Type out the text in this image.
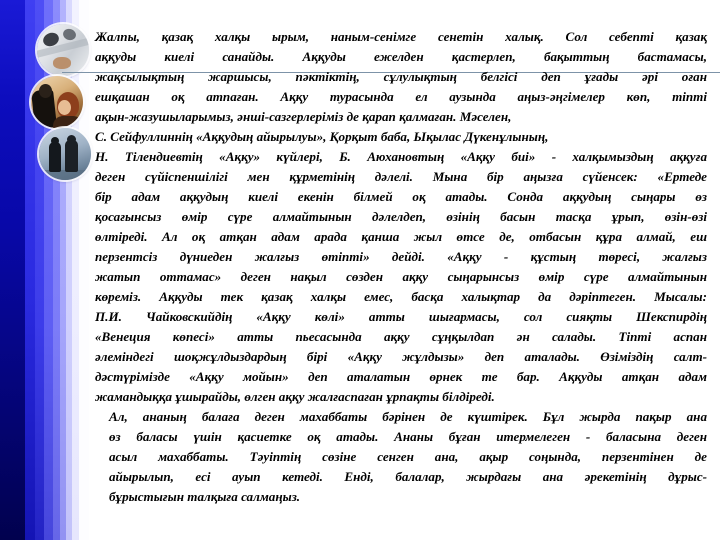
Жалпы, қазақ халқы ырым, наным-сенімге сенетін халық. Сол себепті қазақ
аққуды киелі санайды. Аққуды ежелден қастерлеп, бақыттың бастамасы,
жақсылықтың жаршысы, пәктіктің, сұлулықтың белгісі деп ұғады әрі оған
ешқашан оқ атпаған. Аққу турасында ел аузында аңыз-әңгімелер көп, тіпті
ақын-жазушыларымыз, әнші-сазгерлеріміз де қарап қалмаған. Мәселен,
С. Сейфуллиннің «Аққудың айырылуы», Қорқыт баба, Ықылас Дүкенұлының,
Н. Тілендиевтің «Аққу» күйлері, Б. Аюхановтың «Аққу биі» - халқымыздың аққуға
деген сүйіспеншілігі мен құрметінің дәлелі. Мына бір аңызға сүйенсек: «Ертеде
бір адам аққудың киелі екенін білмей оқ атады. Сонда аққудың сыңары өз
қосағынсыз өмір сүре алмайтынын дәлелдеп, өзінің басын тасқа ұрып, өзін-өзі
өлтіреді. Ал оқ атқан адам арада қанша жыл өтсе де, отбасын құра алмай, еш
перзентсіз дүниеден жалғыз өтіпті» дейді. «Аққу - құстың төресі, жалғыз
жатып оттамас» деген нақыл сөзден аққу сыңарынсыз өмір сүре алмайтынын
көреміз. Аққуды тек қазақ халқы емес, басқа халықтар да дәріптеген. Мысалы:
П.И. Чайковскийдің «Аққу көлі» атты шығармасы, сол сияқты Шекспирдің
«Венеция көпесі» атты пьесасында аққу сұңқылдап ән салады. Тіпті аспан
әлеміндегі шоқжұлдыздардың бірі «Аққу жұлдызы» деп аталады. Өзіміздің салт-
дәстүрімізде «Аққу мойын» деп аталатын өрнек те бар. Аққуды атқан адам
жамандыққа ұшырайды, өлген аққу жалғаспаған ұрпақты білдіреді.

Ал, ананың балаға деген махаббаты бәрінен де күштірек. Бұл жырда пақыр ана
өз баласы үшін қасиетке оқ атады. Ананы бұған итермелеген - баласына деген
асыл махаббаты. Тәуіптің сөзіне сенген ана, ақыр соңында, перзентінен де
айырылып, есі ауып кетеді. Енді, балалар, жырдағы ана әрекетінің дұрыс-
бұрыстығын талқыға салмаңыз.
